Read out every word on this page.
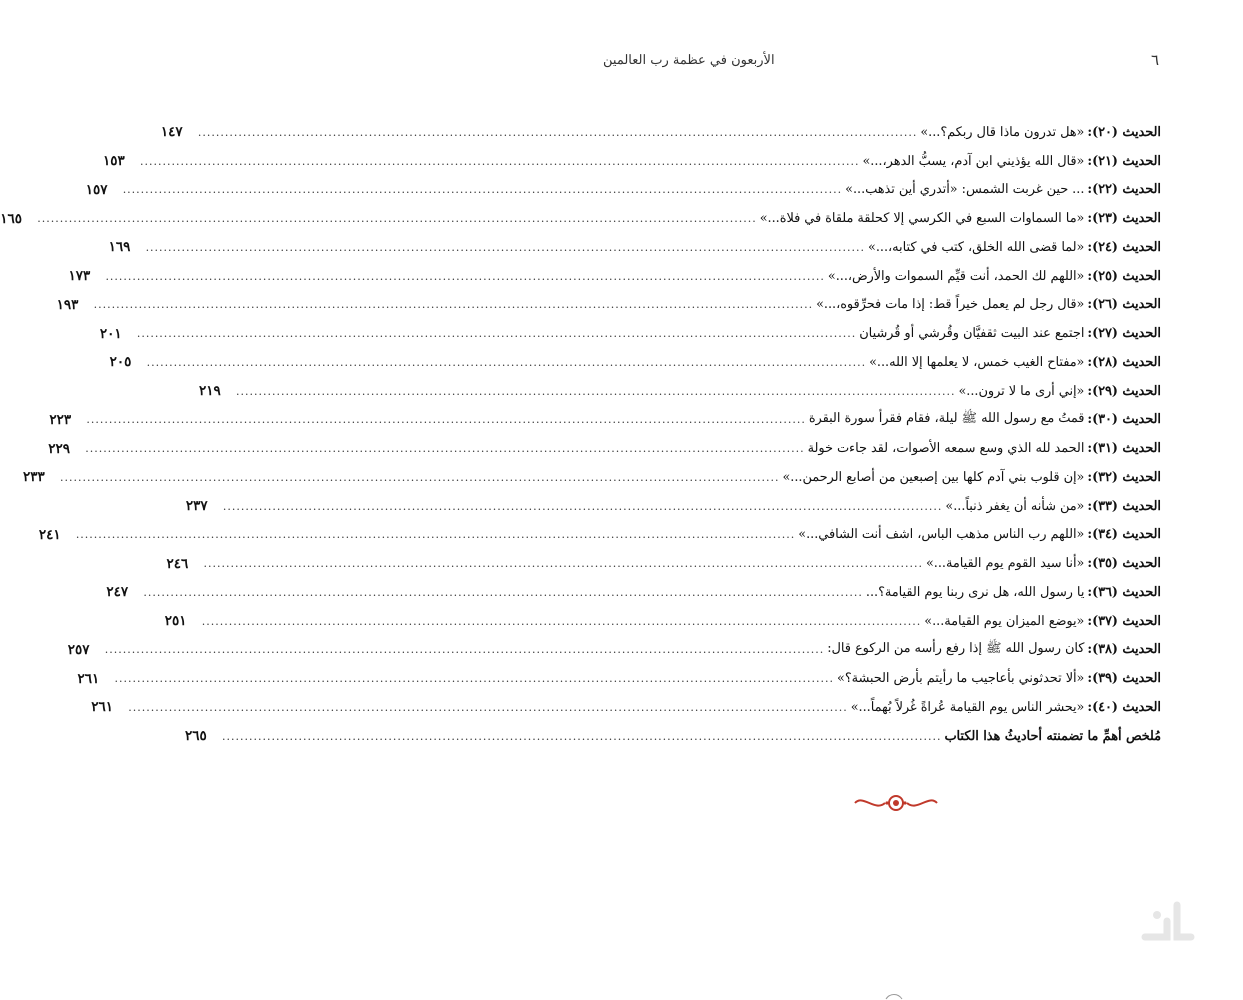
٦
الأربعون في عظمة رب العالمين
الحديث (٢٠):
«هل تدرون ماذا قال ربكم؟...»
................................................................................................................................................................
١٤٧
الحديث (٢١):
«قال الله يؤذيني ابن آدم، يسبُّ الدهر،...»
................................................................................................................................................................
١٥٣
الحديث (٢٢):
... حين غربت الشمس: «أتدري أين تذهب...»
................................................................................................................................................................
١٥٧
الحديث (٢٣):
«ما السماوات السبع في الكرسي إلا كحلقة ملقاة في فلاة...»
................................................................................................................................................................
١٦٥
الحديث (٢٤):
«لما قضى الله الخلق، كتب في كتابه،...»
................................................................................................................................................................
١٦٩
الحديث (٢٥):
«اللهم لك الحمد، أنت قيِّم السموات والأرض،...»
................................................................................................................................................................
١٧٣
الحديث (٢٦):
«قال رجل لم يعمل خيراً قط: إذا مات فحرِّقوه،...»
................................................................................................................................................................
١٩٣
الحديث (٢٧):
اجتمع عند البيت ثقفيَّان وقُرشي أو قُرشيان
................................................................................................................................................................
٢٠١
الحديث (٢٨):
«مفتاح الغيب خمس، لا يعلمها إلا الله...»
................................................................................................................................................................
٢٠٥
الحديث (٢٩):
«إني أرى ما لا ترون...»
................................................................................................................................................................
٢١٩
الحديث (٣٠):
قمتُ مع رسول الله ﷺ ليلة، فقام فقرأ سورة البقرة
................................................................................................................................................................
٢٢٣
الحديث (٣١):
الحمد لله الذي وسع سمعه الأصوات، لقد جاءت خولة
................................................................................................................................................................
٢٢٩
الحديث (٣٢):
«إن قلوب بني آدم كلها بين إصبعين من أصابع الرحمن...»
................................................................................................................................................................
٢٣٣
الحديث (٣٣):
«من شأنه أن يغفر ذنباً...»
................................................................................................................................................................
٢٣٧
الحديث (٣٤):
«اللهم رب الناس مذهب الباس، اشف أنت الشافي...»
................................................................................................................................................................
٢٤١
الحديث (٣٥):
«أنا سيد القوم يوم القيامة...»
................................................................................................................................................................
٢٤٦
الحديث (٣٦):
يا رسول الله، هل نرى ربنا يوم القيامة؟...
................................................................................................................................................................
٢٤٧
الحديث (٣٧):
«يوضع الميزان يوم القيامة...»
................................................................................................................................................................
٢٥١
الحديث (٣٨):
كان رسول الله ﷺ إذا رفع رأسه من الركوع قال:
................................................................................................................................................................
٢٥٧
الحديث (٣٩):
«ألا تحدثوني بأعاجيب ما رأيتم بأرض الحبشة؟»
................................................................................................................................................................
٢٦١
الحديث (٤٠):
«يحشر الناس يوم القيامة عُراةً غُرلاً بُهماً...»
................................................................................................................................................................
٢٦١
مُلخص أهمِّ ما تضمنته أحاديثُ هذا الكتاب
................................................................................................................................................................
٢٦٥
